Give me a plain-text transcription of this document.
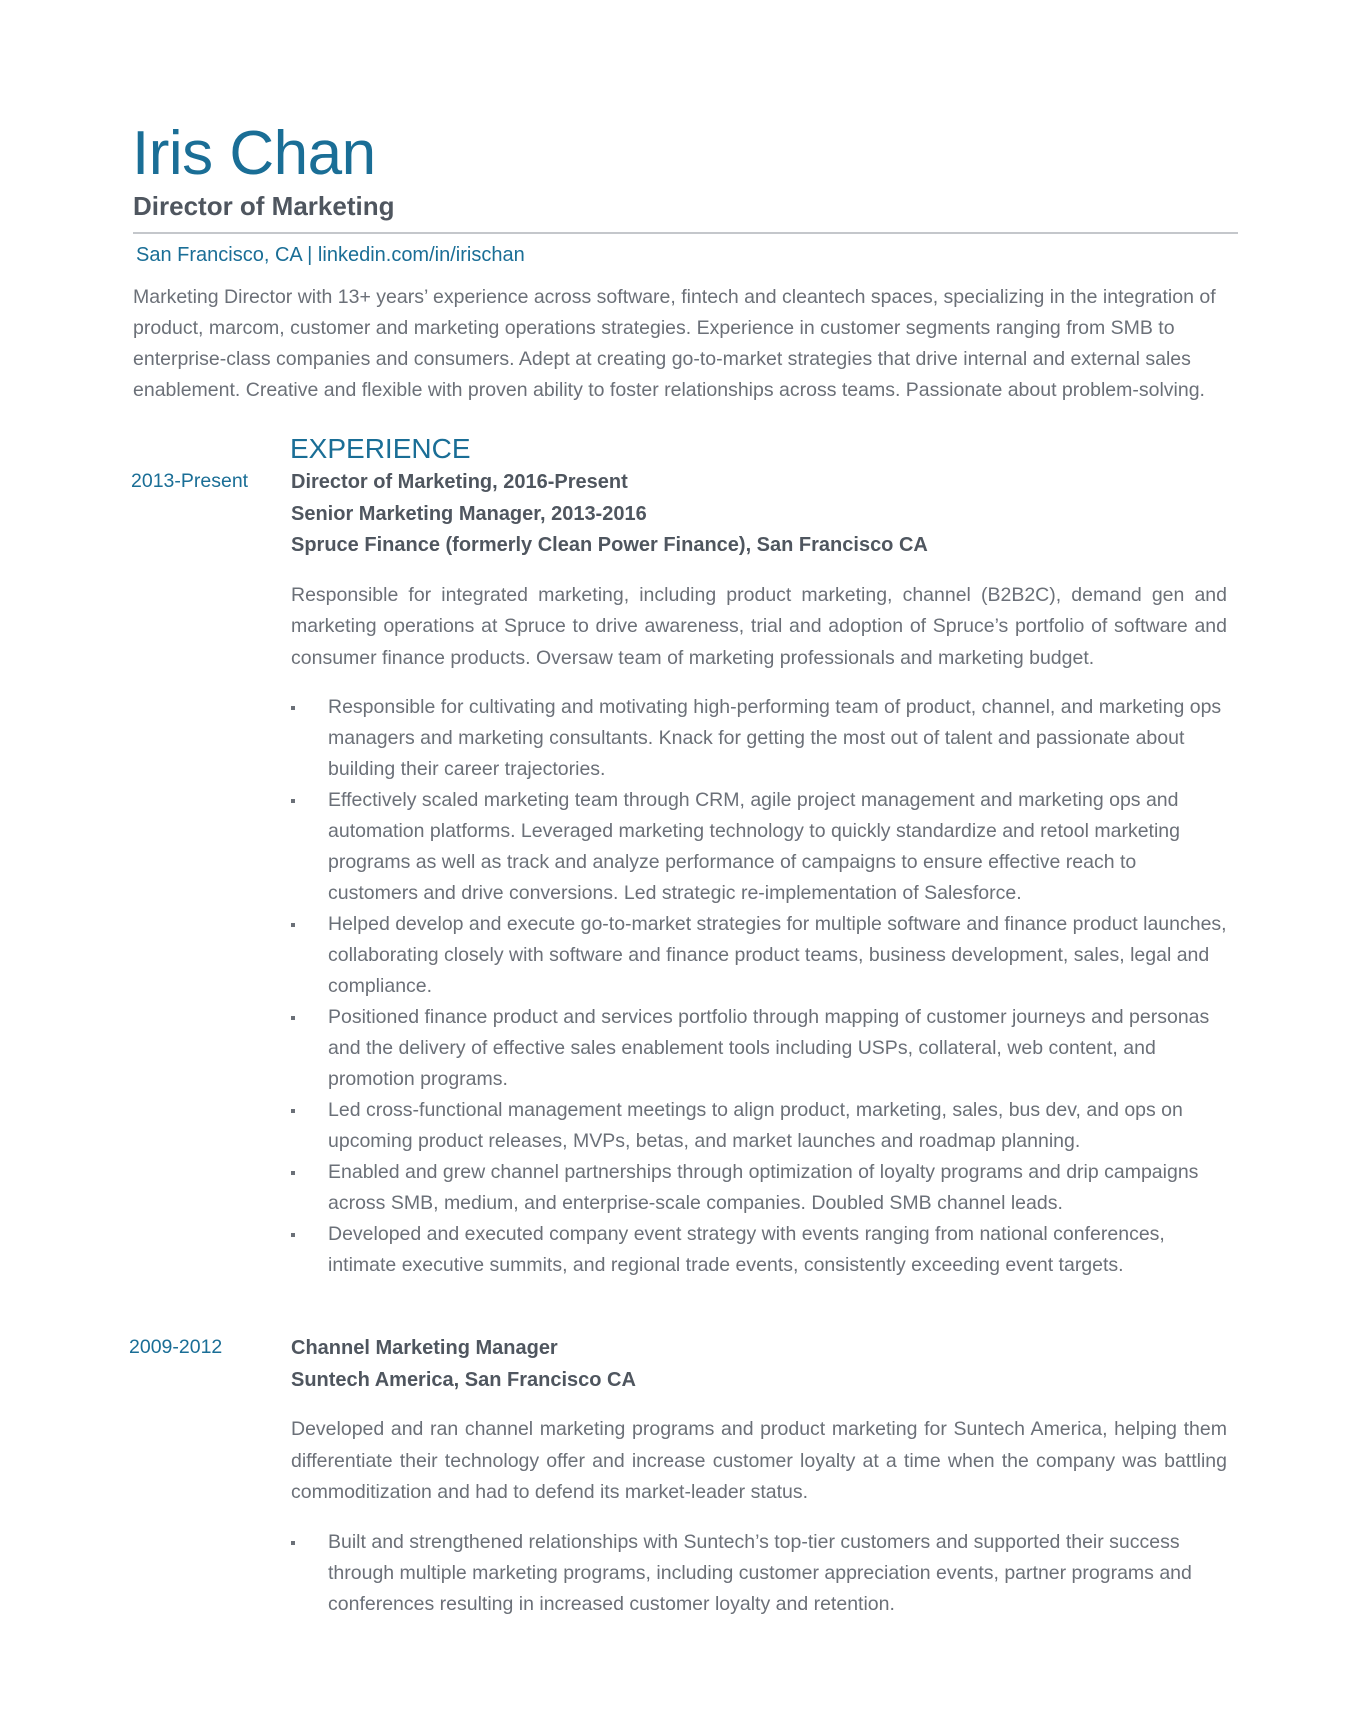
Iris Chan
Director of Marketing
San Francisco, CA | linkedin.com/in/irischan

Marketing Director with 13+ years’ experience across software, fintech and cleantech spaces, specializing in the integration of product, marcom, customer and marketing operations strategies. Experience in customer segments ranging from SMB to enterprise-class companies and consumers. Adept at creating go-to-market strategies that drive internal and external sales enablement. Creative and flexible with proven ability to foster relationships across teams. Passionate about problem-solving.

EXPERIENCE
2013-Present Director of Marketing, 2016-Present
Senior Marketing Manager, 2013-2016
Spruce Finance (formerly Clean Power Finance), San Francisco CA

Responsible for integrated marketing, including product marketing, channel (B2B2C), demand gen and marketing operations at Spruce to drive awareness, trial and adoption of Spruce’s portfolio of software and consumer finance products. Oversaw team of marketing professionals and marketing budget.

Responsible for cultivating and motivating high-performing team of product, channel, and marketing ops managers and marketing consultants. Knack for getting the most out of talent and passionate about building their career trajectories.
Effectively scaled marketing team through CRM, agile project management and marketing ops and automation platforms. Leveraged marketing technology to quickly standardize and retool marketing programs as well as track and analyze performance of campaigns to ensure effective reach to customers and drive conversions. Led strategic re-implementation of Salesforce.
Helped develop and execute go-to-market strategies for multiple software and finance product launches, collaborating closely with software and finance product teams, business development, sales, legal and compliance.
Positioned finance product and services portfolio through mapping of customer journeys and personas and the delivery of effective sales enablement tools including USPs, collateral, web content, and promotion programs.
Led cross-functional management meetings to align product, marketing, sales, bus dev, and ops on upcoming product releases, MVPs, betas, and market launches and roadmap planning.
Enabled and grew channel partnerships through optimization of loyalty programs and drip campaigns across SMB, medium, and enterprise-scale companies. Doubled SMB channel leads.
Developed and executed company event strategy with events ranging from national conferences, intimate executive summits, and regional trade events, consistently exceeding event targets.
2009-2012	Channel Marketing Manager
Suntech America, San Francisco CA

Developed and ran channel marketing programs and product marketing for Suntech America, helping them differentiate their technology offer and increase customer loyalty at a time when the company was battling commoditization and had to defend its market-leader status.

Built and strengthened relationships with Suntech’s top-tier customers and supported their success through multiple marketing programs, including customer appreciation events, partner programs and conferences resulting in increased customer loyalty and retention.
